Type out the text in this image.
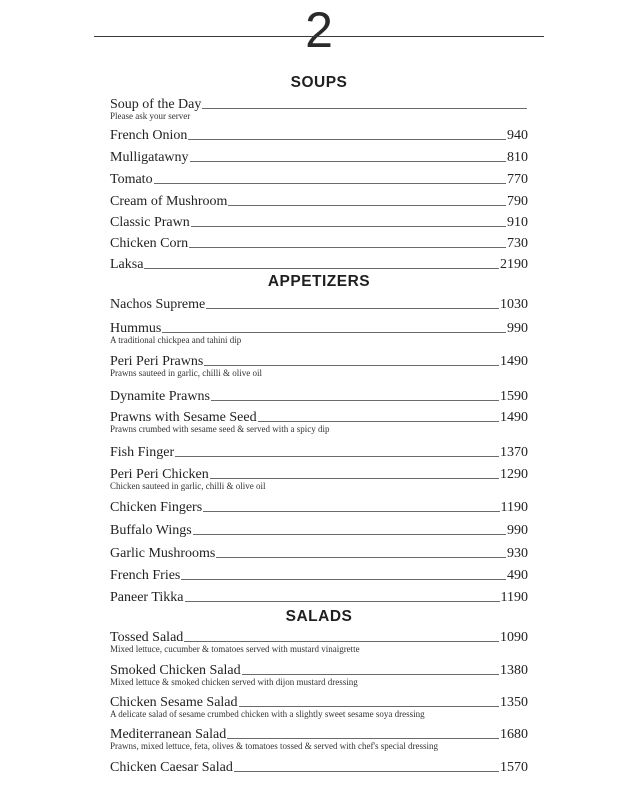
2
SOUPS
Soup of the Day
Please ask your server
French Onion	940
Mulligatawny	810
Tomato	770
Cream of Mushroom	790
Classic Prawn	910
Chicken Corn	730
Laksa	2190
APPETIZERS
Nachos Supreme	1030
Hummus	990
A traditional chickpea and tahini dip
Peri Peri Prawns	1490
Prawns sauteed in garlic, chilli & olive oil
Dynamite Prawns	1590
Prawns with Sesame Seed	1490
Prawns crumbed with sesame seed & served with a spicy dip
Fish Finger	1370
Peri Peri Chicken	1290
Chicken sauteed in garlic, chilli & olive oil
Chicken Fingers	1190
Buffalo Wings	990
Garlic Mushrooms	930
French Fries	490
Paneer Tikka	1190
SALADS
Tossed Salad	1090
Mixed lettuce, cucumber & tomatoes served with mustard vinaigrette
Smoked Chicken Salad	1380
Mixed lettuce & smoked chicken served with dijon mustard dressing
Chicken Sesame Salad	1350
A delicate salad of sesame crumbed chicken with a slightly sweet sesame soya dressing
Mediterranean Salad	1680
Prawns, mixed lettuce, feta, olives & tomatoes tossed & served with chef's special dressing
Chicken Caesar Salad	1570
